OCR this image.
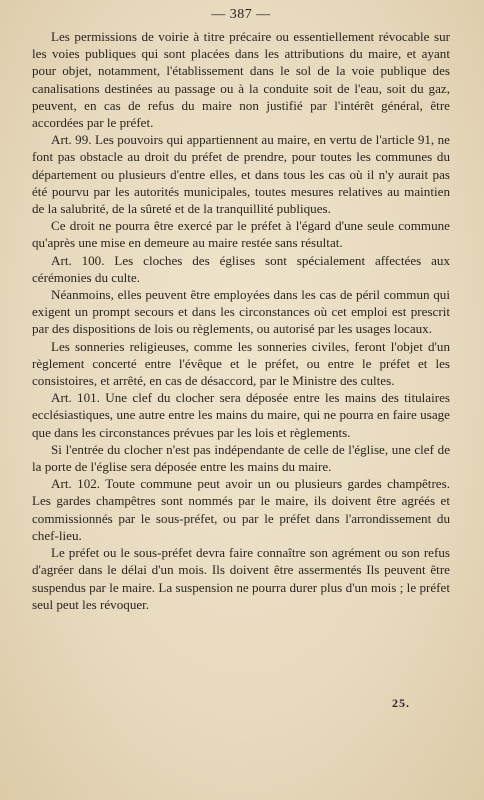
— 387 —

Les permissions de voirie à titre précaire ou essentiellement révocable sur les voies publiques qui sont placées dans les attributions du maire, et ayant pour objet, notamment, l'établissement dans le sol de la voie publique des canalisations destinées au passage ou à la conduite soit de l'eau, soit du gaz, peuvent, en cas de refus du maire non justifié par l'intérêt général, être accordées par le préfet.

Art. 99. Les pouvoirs qui appartiennent au maire, en vertu de l'article 91, ne font pas obstacle au droit du préfet de prendre, pour toutes les communes du département ou plusieurs d'entre elles, et dans tous les cas où il n'y aurait pas été pourvu par les autorités municipales, toutes mesures relatives au maintien de la salubrité, de la sûreté et de la tranquillité publiques.

Ce droit ne pourra être exercé par le préfet à l'égard d'une seule commune qu'après une mise en demeure au maire restée sans résultat.

Art. 100. Les cloches des églises sont spécialement affectées aux cérémonies du culte.

Néanmoins, elles peuvent être employées dans les cas de péril commun qui exigent un prompt secours et dans les circonstances où cet emploi est prescrit par des dispositions de lois ou règlements, ou autorisé par les usages locaux.

Les sonneries religieuses, comme les sonneries civiles, feront l'objet d'un règlement concerté entre l'évêque et le préfet, ou entre le préfet et les consistoires, et arrêté, en cas de désaccord, par le Ministre des cultes.

Art. 101. Une clef du clocher sera déposée entre les mains des titulaires ecclésiastiques, une autre entre les mains du maire, qui ne pourra en faire usage que dans les circonstances prévues par les lois et règlements.

Si l'entrée du clocher n'est pas indépendante de celle de l'église, une clef de la porte de l'église sera déposée entre les mains du maire.

Art. 102. Toute commune peut avoir un ou plusieurs gardes champêtres. Les gardes champêtres sont nommés par le maire, ils doivent être agréés et commissionnés par le sous-préfet, ou par le préfet dans l'arrondissement du chef-lieu.

Le préfet ou le sous-préfet devra faire connaître son agrément ou son refus d'agréer dans le délai d'un mois. Ils doivent être assermentés Ils peuvent être suspendus par le maire. La suspension ne pourra durer plus d'un mois ; le préfet seul peut les révoquer.

25.
